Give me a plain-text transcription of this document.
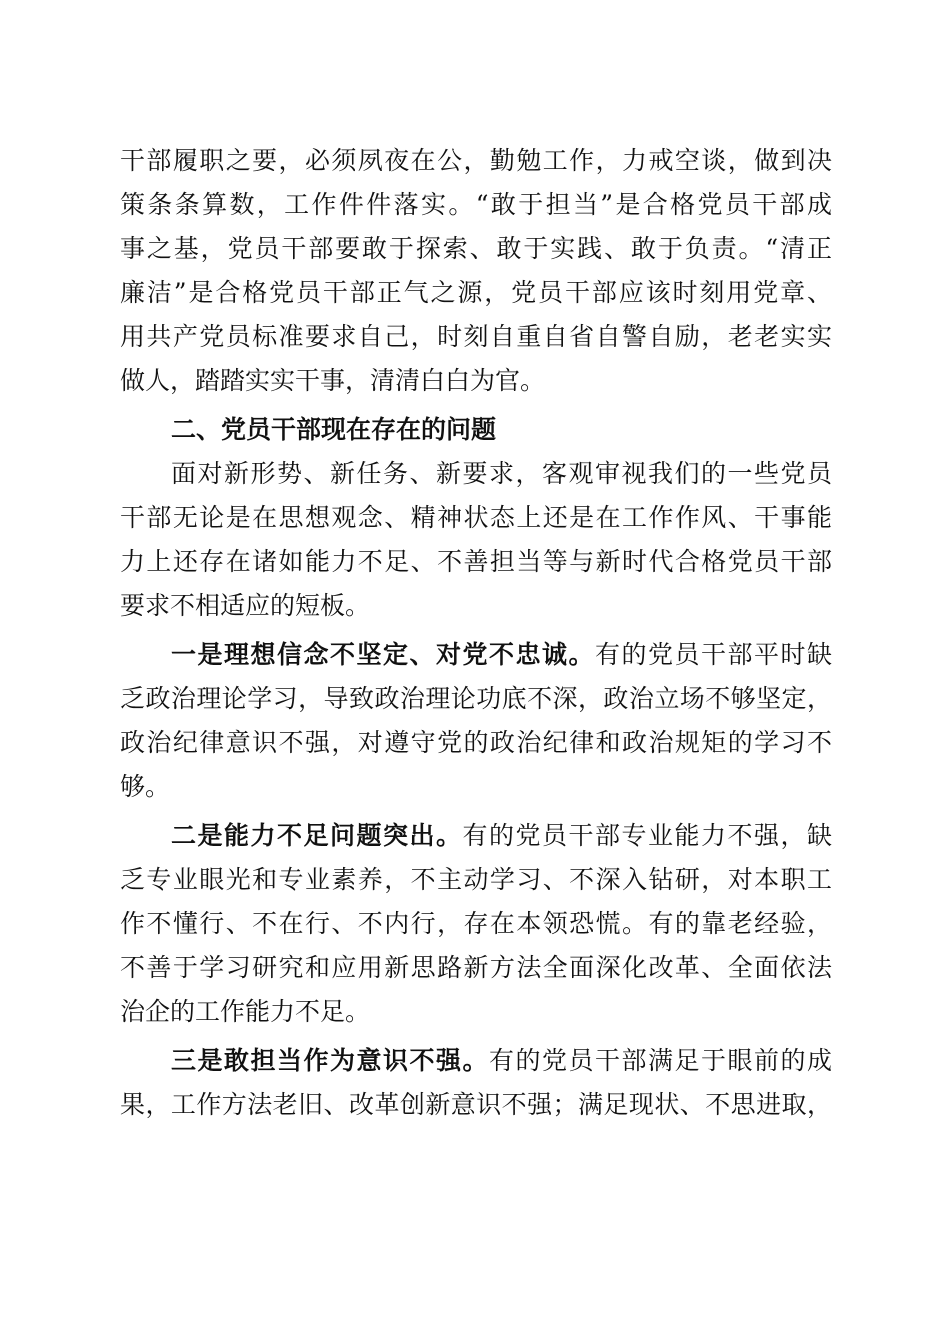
干部履职之要，必须夙夜在公，勤勉工作，力戒空谈，做到决

策条条算数，工作件件落实。“敢于担当”是合格党员干部成

事之基，党员干部要敢于探索、敢于实践、敢于负责。“清正

廉洁”是合格党员干部正气之源，党员干部应该时刻用党章、

用共产党员标准要求自己，时刻自重自省自警自励，老老实实

做人，踏踏实实干事，清清白白为官。

二、党员干部现在存在的问题

面对新形势、新任务、新要求，客观审视我们的一些党员

干部无论是在思想观念、精神状态上还是在工作作风、干事能

力上还存在诸如能力不足、不善担当等与新时代合格党员干部

要求不相适应的短板。

一是理想信念不坚定、对党不忠诚。有的党员干部平时缺

乏政治理论学习，导致政治理论功底不深，政治立场不够坚定，

政治纪律意识不强，对遵守党的政治纪律和政治规矩的学习不

够。

二是能力不足问题突出。有的党员干部专业能力不强，缺

乏专业眼光和专业素养，不主动学习、不深入钻研，对本职工

作不懂行、不在行、不内行，存在本领恐慌。有的靠老经验，

不善于学习研究和应用新思路新方法全面深化改革、全面依法

治企的工作能力不足。

三是敢担当作为意识不强。有的党员干部满足于眼前的成

果，工作方法老旧、改革创新意识不强；满足现状、不思进取，
